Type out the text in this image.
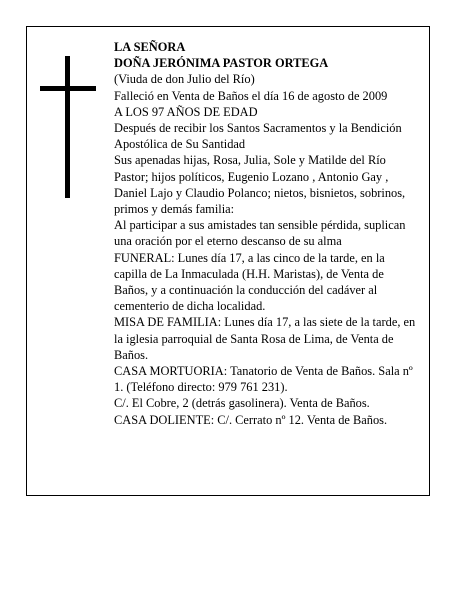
LA SEÑORA

DOÑA JERÓNIMA PASTOR ORTEGA

(Viuda de don Julio del Río)

Falleció en Venta de Baños el día 16 de agosto de 2009

A LOS 97 AÑOS DE EDAD

Después de recibir los Santos Sacramentos y la Bendición Apostólica de Su Santidad

Sus apenadas hijas, Rosa, Julia, Sole y Matilde del Río Pastor; hijos políticos, Eugenio Lozano , Antonio Gay , Daniel Lajo y Claudio Polanco; nietos, bisnietos, sobrinos, primos y demás familia:

Al participar a sus amistades tan sensible pérdida, suplican una oración por el eterno descanso de su alma

FUNERAL: Lunes día 17, a las cinco de la tarde, en la capilla de La Inmaculada (H.H. Maristas), de Venta de Baños, y a continuación la conducción del cadáver al cementerio de dicha localidad.

MISA DE FAMILIA: Lunes día 17, a las siete de la tarde, en la iglesia parroquial de Santa Rosa de Lima, de Venta de Baños.

CASA MORTUORIA: Tanatorio de Venta de Baños. Sala nº 1. (Teléfono directo: 979 761 231).

C/. El Cobre, 2 (detrás gasolinera). Venta de Baños.

CASA DOLIENTE: C/. Cerrato nº 12. Venta de Baños.
